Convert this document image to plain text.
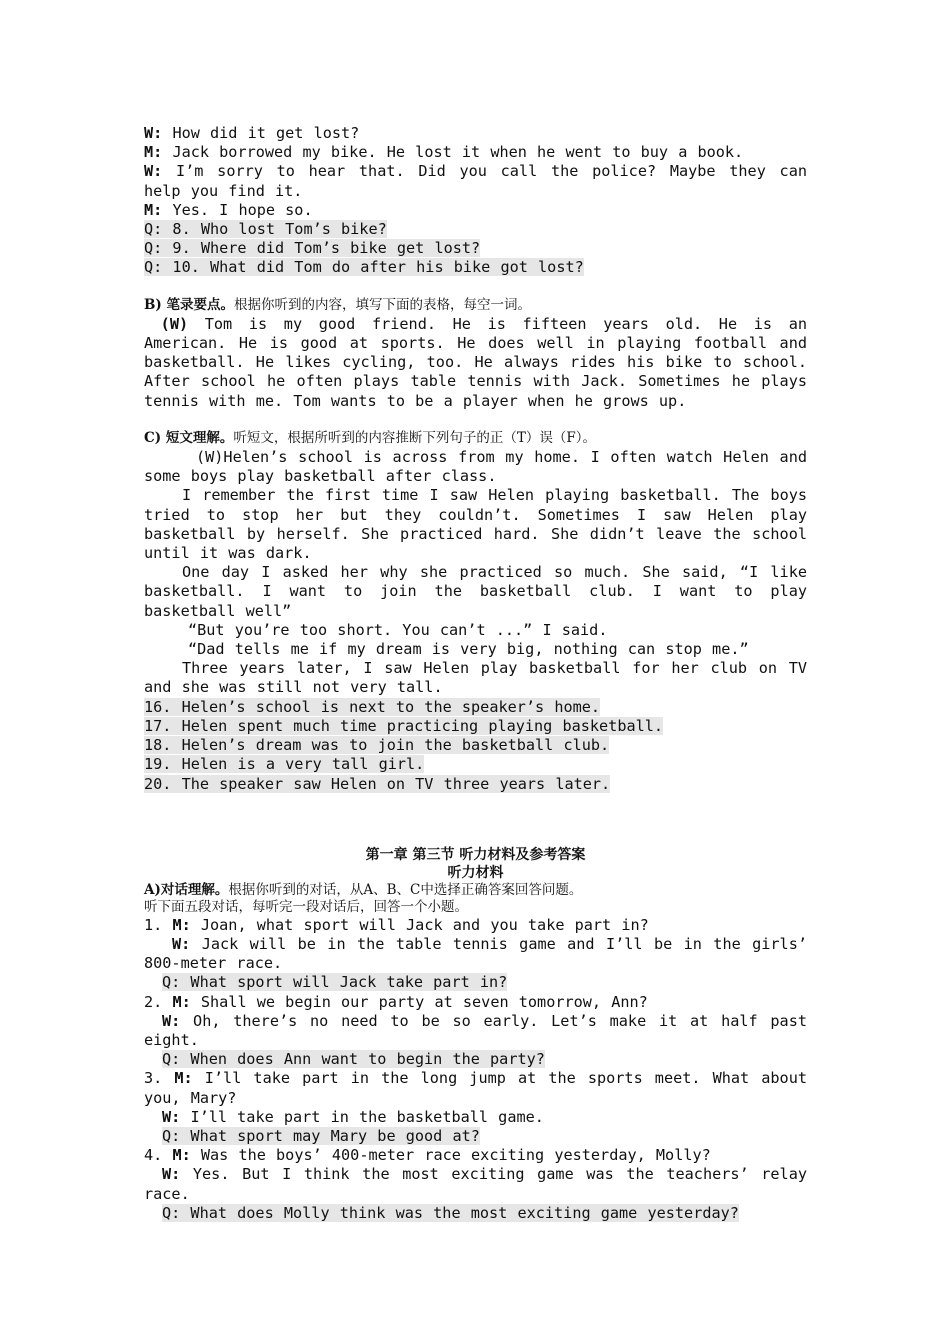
W: How did it get lost?
M: Jack borrowed my bike. He lost it when he went to buy a book.
W: I’m sorry to hear that. Did you call the police? Maybe they can help you find it.
M: Yes. I hope so.
Q: 8. Who lost Tom’s bike?
Q: 9. Where did Tom’s bike get lost?
Q: 10. What did Tom do after his bike got lost?
B) 笔录要点。根据你听到的内容，填写下面的表格，每空一词。
(W) Tom is my good friend. He is fifteen years old. He is an American. He is good at sports. He does well in playing football and basketball. He likes cycling, too. He always rides his bike to school. After school he often plays table tennis with Jack. Sometimes he plays tennis with me. Tom wants to be a player when he grows up.
C) 短文理解。听短文，根据所听到的内容推断下列句子的正（T）误（F）。
(W)Helen’s school is across from my home. I often watch Helen and some boys play basketball after class.
I remember the first time I saw Helen playing basketball. The boys tried to stop her but they couldn’t. Sometimes I saw Helen play basketball by herself. She practiced hard. She didn’t leave the school until it was dark.
One day I asked her why she practiced so much. She said, “I like basketball. I want to join the basketball club. I want to play basketball well”
“But you’re too short. You can’t ...” I said.
“Dad tells me if my dream is very big, nothing can stop me.”
Three years later, I saw Helen play basketball for her club on TV and she was still not very tall.
16. Helen’s school is next to the speaker’s home.
17. Helen spent much time practicing playing basketball.
18. Helen’s dream was to join the basketball club.
19. Helen is a very tall girl.
20. The speaker saw Helen on TV three years later.
第一章 第三节 听力材料及参考答案
听力材料
A)对话理解。根据你听到的对话，从A、B、C中选择正确答案回答问题。
听下面五段对话，每听完一段对话后，回答一个小题。
1. M: Joan, what sport will Jack and you take part in?
W: Jack will be in the table tennis game and I’ll be in the girls’ 800-meter race.
Q: What sport will Jack take part in?
2. M: Shall we begin our party at seven tomorrow, Ann?
W: Oh, there’s no need to be so early. Let’s make it at half past eight.
Q: When does Ann want to begin the party?
3. M: I’ll take part in the long jump at the sports meet. What about you, Mary?
W: I’ll take part in the basketball game.
Q: What sport may Mary be good at?
4. M: Was the boys’ 400-meter race exciting yesterday, Molly?
W: Yes. But I think the most exciting game was the teachers’ relay race.
Q: What does Molly think was the most exciting game yesterday?
